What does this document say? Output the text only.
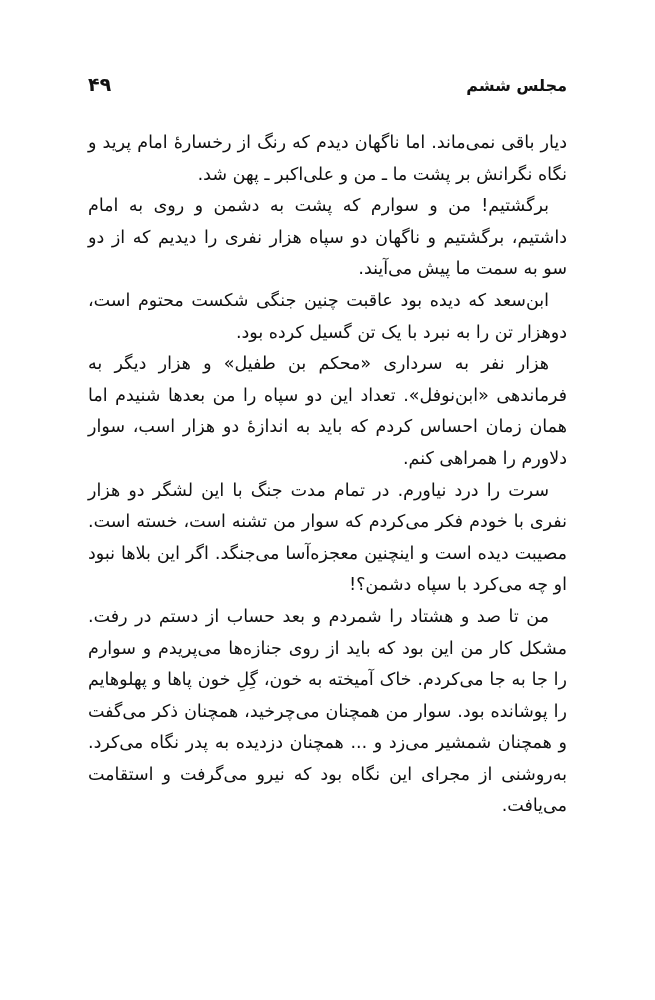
۴۹	مجلس ششم

دیار باقی نمی‌ماند. اما ناگهان دیدم که رنگ از رخسارهٔ امام پرید و نگاه نگرانش بر پشت ما ـ من و علی‌اکبر ـ پهن شد.

برگشتیم! من و سوارم که پشت به دشمن و روی به امام داشتیم، برگشتیم و ناگهان دو سپاه هزار نفری را دیدیم که از دو سو به سمت ما پیش می‌آیند.

ابن‌سعد که دیده بود عاقبت چنین جنگی شکست محتوم است، دوهزار تن را به نبرد با یک تن گسیل کرده بود.

هزار نفر به سرداری «محکم بن طفیل» و هزار دیگر به فرماندهی «ابن‌نوفل». تعداد این دو سپاه را من بعدها شنیدم اما همان زمان احساس کردم که باید به اندازهٔ دو هزار اسب، سوار دلاورم را همراهی کنم.

سرت را درد نیاورم. در تمام مدت جنگ با این لشگر دو هزار نفری با خودم فکر می‌کردم که سوار من تشنه است، خسته است. مصیبت دیده است و اینچنین معجزه‌آسا می‌جنگد. اگر این بلاها نبود او چه می‌کرد با سپاه دشمن؟!

من تا صد و هشتاد را شمردم و بعد حساب از دستم در رفت. مشکل کار من این بود که باید از روی جنازه‌ها می‌پریدم و سوارم را جا به جا می‌کردم. خاک آمیخته به خون، گِلِ خون پاها و پهلوهایم را پوشانده بود. سوار من همچنان می‌چرخید، همچنان ذکر می‌گفت و همچنان شمشیر می‌زد و ... همچنان دزدیده به پدر نگاه می‌کرد. به‌روشنی از مجرای این نگاه بود که نیرو می‌گرفت و استقامت می‌یافت.
